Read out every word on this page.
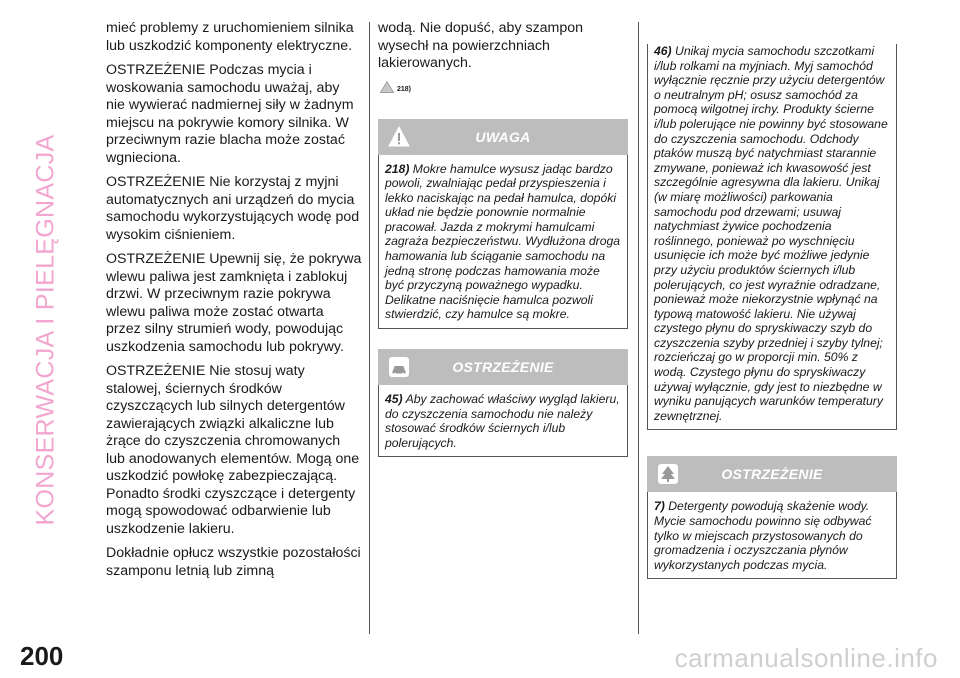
KONSERWACJA I PIELĘGNACJA

mieć problemy z uruchomieniem silnika lub uszkodzić komponenty elektryczne.

OSTRZEŻENIE Podczas mycia i woskowania samochodu uważaj, aby nie wywierać nadmiernej siły w żadnym miejscu na pokrywie komory silnika. W przeciwnym razie blacha może zostać wgnieciona.

OSTRZEŻENIE Nie korzystaj z myjni automatycznych ani urządzeń do mycia samochodu wykorzystujących wodę pod wysokim ciśnieniem.

OSTRZEŻENIE Upewnij się, że pokrywa wlewu paliwa jest zamknięta i zablokuj drzwi. W przeciwnym razie pokrywa wlewu paliwa może zostać otwarta przez silny strumień wody, powodując uszkodzenia samochodu lub pokrywy.

OSTRZEŻENIE Nie stosuj waty stalowej, ściernych środków czyszczących lub silnych detergentów zawierających związki alkaliczne lub żrące do czyszczenia chromowanych lub anodowanych elementów. Mogą one uszkodzić powłokę zabezpieczającą. Ponadto środki czyszczące i detergenty mogą spowodować odbarwienie lub uszkodzenie lakieru.

Dokładnie opłucz wszystkie pozostałości szamponu letnią lub zimną

wodą. Nie dopuść, aby szampon wysechł na powierzchniach lakierowanych.

218)
UWAGA
218) Mokre hamulce wysusz jadąc bardzo powoli, zwalniając pedał przyspieszenia i lekko naciskając na pedał hamulca, dopóki układ nie będzie ponownie normalnie pracował. Jazda z mokrymi hamulcami zagraża bezpieczeństwu. Wydłużona droga hamowania lub ściąganie samochodu na jedną stronę podczas hamowania może być przyczyną poważnego wypadku. Delikatne naciśnięcie hamulca pozwoli stwierdzić, czy hamulce są mokre.
OSTRZEŻENIE
45) Aby zachować właściwy wygląd lakieru, do czyszczenia samochodu nie należy stosować środków ściernych i/lub polerujących.
46) Unikaj mycia samochodu szczotkami i/lub rolkami na myjniach. Myj samochód wyłącznie ręcznie przy użyciu detergentów o neutralnym pH; osusz samochód za pomocą wilgotnej irchy. Produkty ścierne i/lub polerujące nie powinny być stosowane do czyszczenia samochodu. Odchody ptaków muszą być natychmiast starannie zmywane, ponieważ ich kwasowość jest szczególnie agresywna dla lakieru. Unikaj (w miarę możliwości) parkowania samochodu pod drzewami; usuwaj natychmiast żywice pochodzenia roślinnego, ponieważ po wyschnięciu usunięcie ich może być możliwe jedynie przy użyciu produktów ściernych i/lub polerujących, co jest wyraźnie odradzane, ponieważ może niekorzystnie wpłynąć na typową matowość lakieru. Nie używaj czystego płynu do spryskiwaczy szyb do czyszczenia szyby przedniej i szyby tylnej; rozcieńczaj go w proporcji min. 50% z wodą. Czystego płynu do spryskiwaczy używaj wyłącznie, gdy jest to niezbędne w wyniku panujących warunków temperatury zewnętrznej.
OSTRZEŻENIE
7) Detergenty powodują skażenie wody. Mycie samochodu powinno się odbywać tylko w miejscach przystosowanych do gromadzenia i oczyszczania płynów wykorzystanych podczas mycia.
200	carmanualsonline.info
